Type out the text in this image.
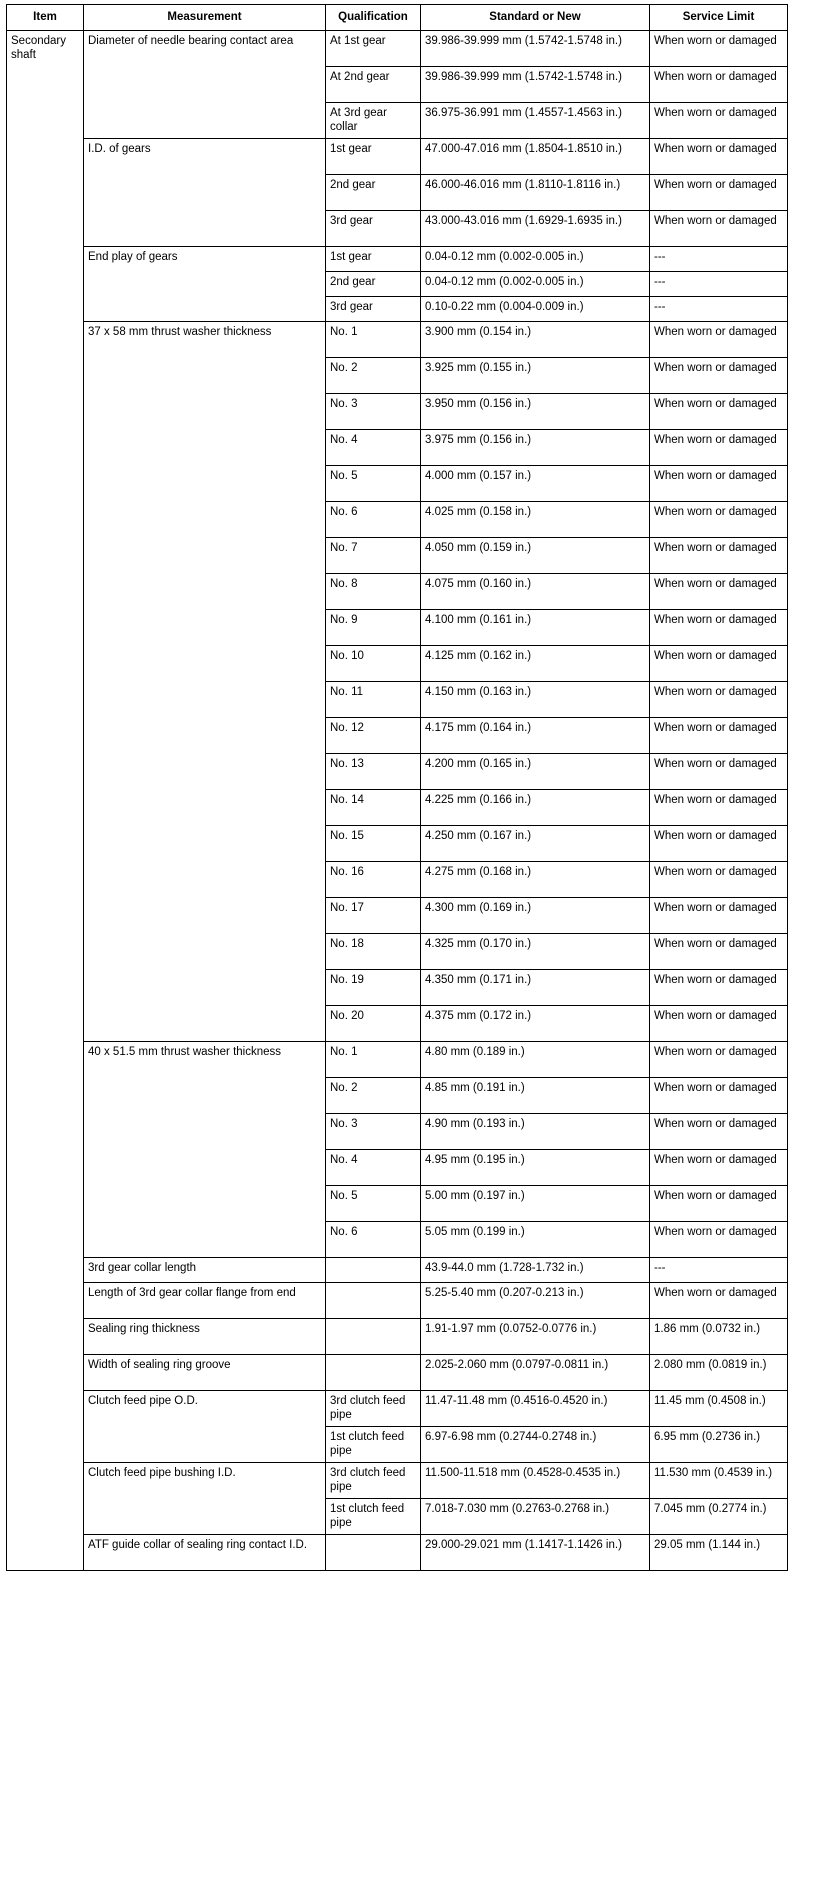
Item	Measurement	Qualification	Standard or New	Service Limit
Secondary shaft	Diameter of needle bearing contact area	At 1st gear	39.986-39.999 mm (1.5742-1.5748 in.)	When worn or damaged
		At 2nd gear	39.986-39.999 mm (1.5742-1.5748 in.)	When worn or damaged
		At 3rd gear collar	36.975-36.991 mm (1.4557-1.4563 in.)	When worn or damaged
	I.D. of gears	1st gear	47.000-47.016 mm (1.8504-1.8510 in.)	When worn or damaged
		2nd gear	46.000-46.016 mm (1.8110-1.8116 in.)	When worn or damaged
		3rd gear	43.000-43.016 mm (1.6929-1.6935 in.)	When worn or damaged
	End play of gears	1st gear	0.04-0.12 mm (0.002-0.005 in.)	---
		2nd gear	0.04-0.12 mm (0.002-0.005 in.)	---
		3rd gear	0.10-0.22 mm (0.004-0.009 in.)	---
	37 x 58 mm thrust washer thickness	No. 1	3.900 mm (0.154 in.)	When worn or damaged
		No. 2	3.925 mm (0.155 in.)	When worn or damaged
		No. 3	3.950 mm (0.156 in.)	When worn or damaged
		No. 4	3.975 mm (0.156 in.)	When worn or damaged
		No. 5	4.000 mm (0.157 in.)	When worn or damaged
		No. 6	4.025 mm (0.158 in.)	When worn or damaged
		No. 7	4.050 mm (0.159 in.)	When worn or damaged
		No. 8	4.075 mm (0.160 in.)	When worn or damaged
		No. 9	4.100 mm (0.161 in.)	When worn or damaged
		No. 10	4.125 mm (0.162 in.)	When worn or damaged
		No. 11	4.150 mm (0.163 in.)	When worn or damaged
		No. 12	4.175 mm (0.164 in.)	When worn or damaged
		No. 13	4.200 mm (0.165 in.)	When worn or damaged
		No. 14	4.225 mm (0.166 in.)	When worn or damaged
		No. 15	4.250 mm (0.167 in.)	When worn or damaged
		No. 16	4.275 mm (0.168 in.)	When worn or damaged
		No. 17	4.300 mm (0.169 in.)	When worn or damaged
		No. 18	4.325 mm (0.170 in.)	When worn or damaged
		No. 19	4.350 mm (0.171 in.)	When worn or damaged
		No. 20	4.375 mm (0.172 in.)	When worn or damaged
	40 x 51.5 mm thrust washer thickness	No. 1	4.80 mm (0.189 in.)	When worn or damaged
		No. 2	4.85 mm (0.191 in.)	When worn or damaged
		No. 3	4.90 mm (0.193 in.)	When worn or damaged
		No. 4	4.95 mm (0.195 in.)	When worn or damaged
		No. 5	5.00 mm (0.197 in.)	When worn or damaged
		No. 6	5.05 mm (0.199 in.)	When worn or damaged
	3rd gear collar length		43.9-44.0 mm (1.728-1.732 in.)	---
	Length of 3rd gear collar flange from end		5.25-5.40 mm (0.207-0.213 in.)	When worn or damaged
	Sealing ring thickness		1.91-1.97 mm (0.0752-0.0776 in.)	1.86 mm (0.0732 in.)
	Width of sealing ring groove		2.025-2.060 mm (0.0797-0.0811 in.)	2.080 mm (0.0819 in.)
	Clutch feed pipe O.D.	3rd clutch feed pipe	11.47-11.48 mm (0.4516-0.4520 in.)	11.45 mm (0.4508 in.)
		1st clutch feed pipe	6.97-6.98 mm (0.2744-0.2748 in.)	6.95 mm (0.2736 in.)
	Clutch feed pipe bushing I.D.	3rd clutch feed pipe	11.500-11.518 mm (0.4528-0.4535 in.)	11.530 mm (0.4539 in.)
		1st clutch feed pipe	7.018-7.030 mm (0.2763-0.2768 in.)	7.045 mm (0.2774 in.)
	ATF guide collar of sealing ring contact I.D.		29.000-29.021 mm (1.1417-1.1426 in.)	29.05 mm (1.144 in.)
